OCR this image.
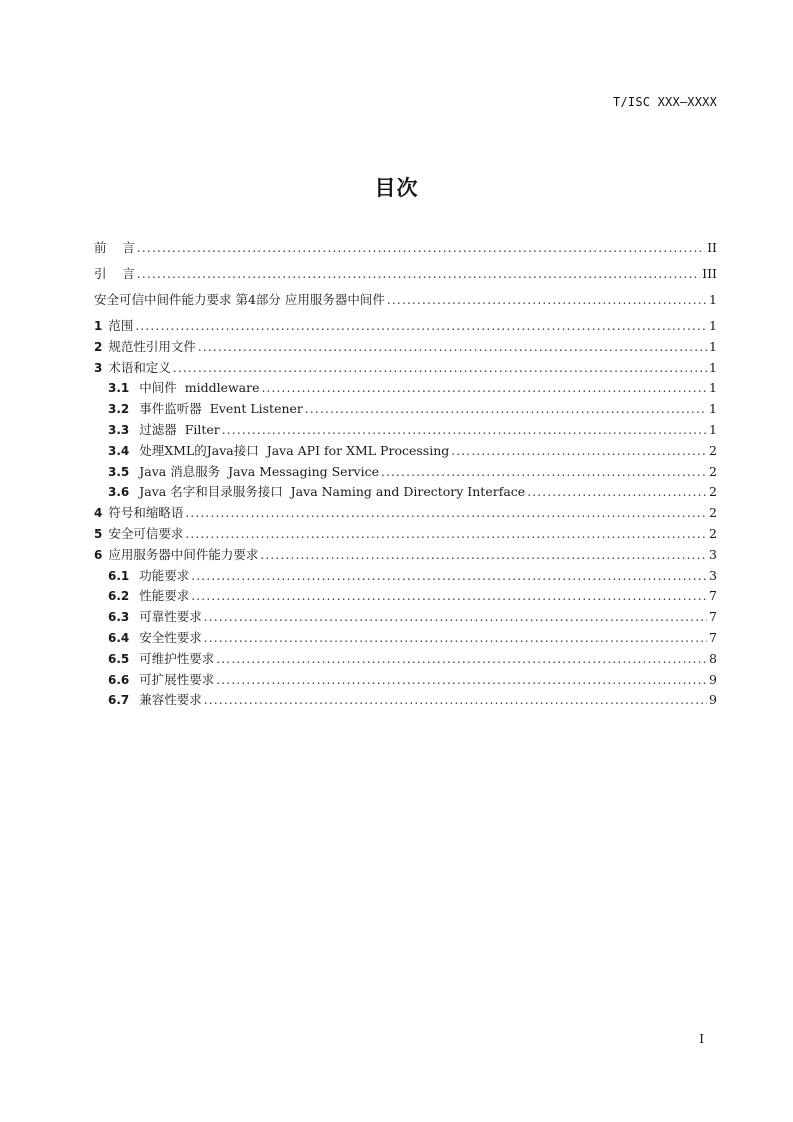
T/ISC XXX—XXXX
目次
前    言 .....	II
引    言 .....	III
安全可信中间件能力要求 第4部分 应用服务器中间件 .....	1
1 范围 .....	1
2 规范性引用文件 .....	1
3 术语和定义 .....	1
3.1 中间件  middleware .....	1
3.2 事件监听器  Event Listener .....	1
3.3 过滤器  Filter .....	1
3.4 处理XML的Java接口  Java API for XML Processing .....	2
3.5 Java 消息服务  Java Messaging Service .....	2
3.6 Java 名字和目录服务接口  Java Naming and Directory Interface .....	2
4 符号和缩略语 .....	2
5 安全可信要求 .....	2
6 应用服务器中间件能力要求 .....	3
6.1 功能要求 .....	3
6.2 性能要求 .....	7
6.3 可靠性要求 .....	7
6.4 安全性要求 .....	7
6.5 可维护性要求 .....	8
6.6 可扩展性要求 .....	9
6.7 兼容性要求 .....	9
I
